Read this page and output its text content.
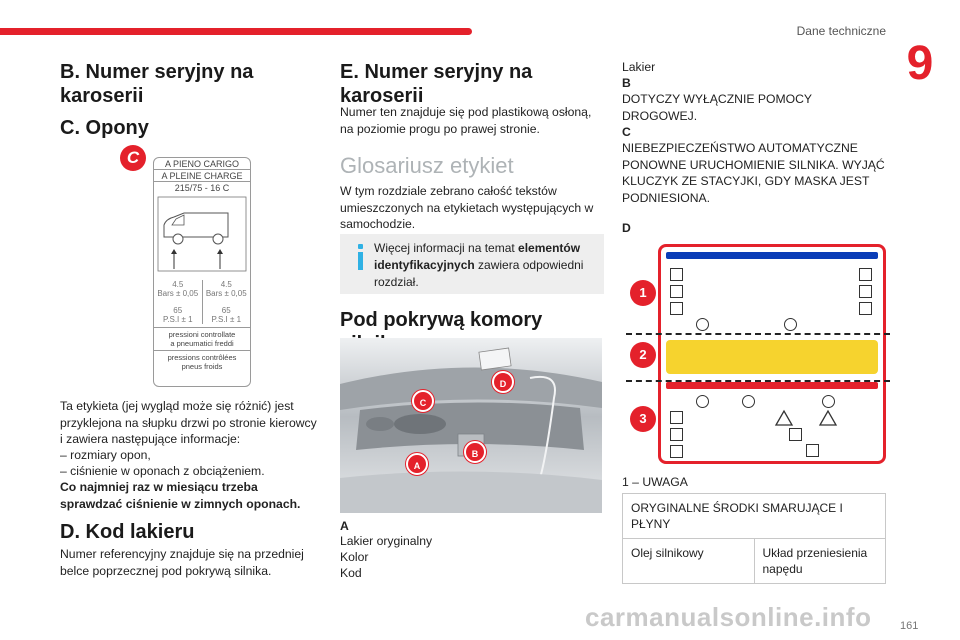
Dane techniczne
9
B. Numer seryjny na karoserii
C. Opony
C	A PIENO CARIGO
A PLEINE CHARGE
215/75 - 16 C
4.5
Bars ± 0,05
65
P.S.I ± 1
4.5
Bars ± 0,05
65
P.S.I ± 1
pressioni controllate
a pneumatici freddi
pressions contrôlées
pneus froids

Ta etykieta (jej wygląd może się różnić) jest przyklejona na słupku drzwi po stronie kierowcy i zawiera następujące informacje:

– rozmiary opon,

– ciśnienie w oponach z obciążeniem.

Co najmniej raz w miesiącu trzeba sprawdzać ciśnienie w zimnych oponach.

D. Kod lakieru

Numer referencyjny znajduje się na przedniej belce poprzecznej pod pokrywą silnika.

E. Numer seryjny na karoserii

Numer ten znajduje się pod plastikową osłoną, na poziomie progu po prawej stronie.

Glosariusz etykiet

W tym rozdziale zebrano całość tekstów umieszczonych na etykietach występujących w samochodzie.

Więcej informacji na temat elementów identyfikacyjnych zawiera odpowiedni rozdział.
Pod pokrywą komory
D
C
B
A

A

Lakier oryginalny

Kolor

Kod

Lakier

B

DOTYCZY WYŁĄCZNIE POMOCY DROGOWEJ.

C

NIEBEZPIECZEŃSTWO AUTOMATYCZNE PONOWNE URUCHOMIENIE SILNIKA. WYJĄĆ KLUCZYK ZE STACYJKI, GDY MASKA JEST PODNIESIONA.

D

1
2
3

1 – UWAGA

ORYGINALNE ŚRODKI SMARUJĄCE I PŁYNY
Olej silnikowy	Układ przeniesienia napędu
carmanualsonline.info	161
